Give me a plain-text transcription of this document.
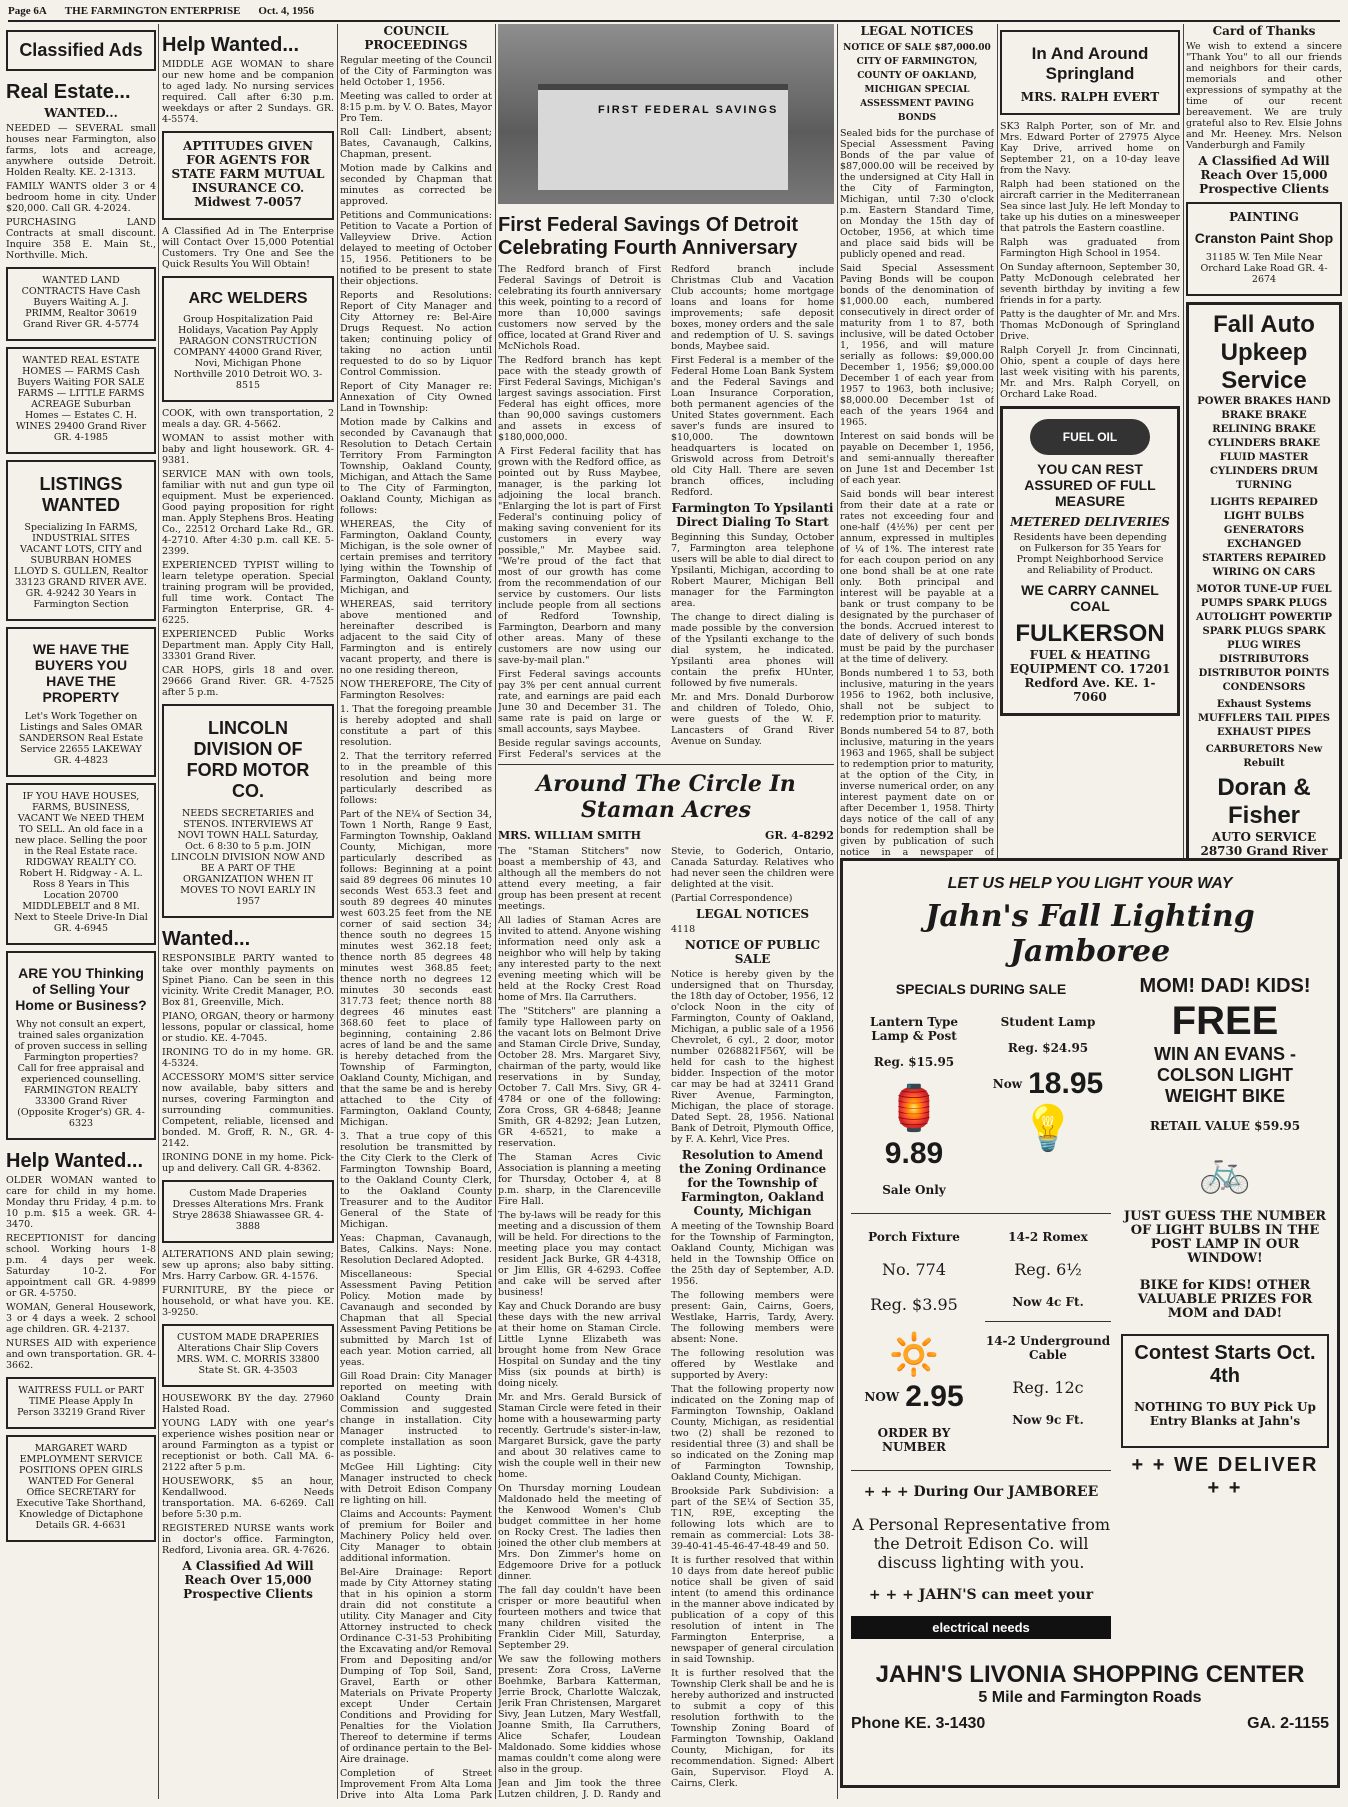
Page 6A THE FARMINGTON ENTERPRISE Oct. 4, 1956
Classified Ads
Real Estate...

WANTED...

NEEDED — SEVERAL small houses near Farmington, also farms, lots and acreage, anywhere outside Detroit. Holden Realty. KE. 2-1313.

FAMILY WANTS older 3 or 4 bedroom home in city. Under $20,000. Call GR. 4-2024.

PURCHASING LAND Contracts at small discount. Inquire 358 E. Main St., Northville. Mich.

WANTED LAND CONTRACTS Have Cash Buyers Waiting A. J. PRIMM, Realtor 30619 Grand River GR. 4-5774

WANTED REAL ESTATE HOMES — FARMS Cash Buyers Waiting FOR SALE FARMS — LITTLE FARMS ACREAGE Suburban Homes — Estates C. H. WINES 29400 Grand River GR. 4-1985

LISTINGS WANTED

Specializing In FARMS, INDUSTRIAL SITES VACANT LOTS, CITY and SUBURBAN HOMES LLOYD S. GULLEN, Realtor 33123 GRAND RIVER AVE. GR. 4-9242 30 Years in Farmington Section

WE HAVE THE BUYERS YOU HAVE THE PROPERTY

Let's Work Together on Listings and Sales OMAR SANDERSON Real Estate Service 22655 LAKEWAY GR. 4-4823

IF YOU HAVE HOUSES, FARMS, BUSINESS, VACANT We NEED THEM TO SELL. An old face in a new place. Selling the poor in the Real Estate race. RIDGWAY REALTY CO. Robert H. Ridgway - A. L. Ross 8 Years in This Location 20700 MIDDLEBELT and 8 MI. Next to Steele Drive-In Dial GR. 4-6945

ARE YOU Thinking of Selling Your Home or Business?

Why not consult an expert, trained sales organization of proven success in selling Farmington properties? Call for free appraisal and experienced counselling. FARMINGTON REALTY 33300 Grand River (Opposite Kroger's) GR. 4-6323

Help Wanted...

OLDER WOMAN wanted to care for child in my home. Monday thru Friday, 4 p.m. to 10 p.m. $15 a week. GR. 4-3470.

RECEPTIONIST for dancing school. Working hours 1-8 p.m. 4 days per week. Saturday 10-2. For appointment call GR. 4-9899 or GR. 4-5750.

WOMAN, General Housework, 3 or 4 days a week. 2 school age children. GR. 4-2137.

NURSES AID with experience and own transportation. GR. 4-3662.

WAITRESS FULL or PART TIME Please Apply In Person 33219 Grand River

MARGARET WARD EMPLOYMENT SERVICE POSITIONS OPEN GIRLS WANTED For General Office SECRETARY for Executive Take Shorthand, Knowledge of Dictaphone Details GR. 4-6631

Help Wanted...

MIDDLE AGE WOMAN to share our new home and be companion to aged lady. No nursing services required. Call after 6:30 p.m. weekdays or after 2 Sundays. GR. 4-5574.

APTITUDES GIVEN FOR AGENTS FOR STATE FARM MUTUAL INSURANCE CO. Midwest 7-0057

A Classified Ad in The Enterprise will Contact Over 15,000 Potential Customers. Try One and See the Quick Results You Will Obtain!

ARC WELDERS

Group Hospitalization Paid Holidays, Vacation Pay Apply PARAGON CONSTRUCTION COMPANY 44000 Grand River, Novi, Michigan Phone Northville 2010 Detroit WO. 3-8515

COOK, with own transportation, 2 meals a day. GR. 4-5662.

WOMAN to assist mother with baby and light housework. GR. 4-9381.

SERVICE MAN with own tools, familiar with nut and gun type oil equipment. Must be experienced. Good paying proposition for right man. Apply Stephens Bros. Heating Co., 22512 Orchard Lake Rd., GR. 4-2710. After 4:30 p.m. call KE. 5-2399.

EXPERIENCED TYPIST willing to learn teletype operation. Special training program will be provided, full time work. Contact The Farmington Enterprise, GR. 4-6225.

EXPERIENCED Public Works Department man. Apply City Hall, 33301 Grand River.

CAR HOPS, girls 18 and over. 29666 Grand River. GR. 4-7525 after 5 p.m.

LINCOLN DIVISION OF FORD MOTOR CO.

NEEDS SECRETARIES and STENOS. INTERVIEWS AT NOVI TOWN HALL Saturday, Oct. 6 8:30 to 5 p.m. JOIN LINCOLN DIVISION NOW AND BE A PART OF THE ORGANIZATION WHEN IT MOVES TO NOVI EARLY IN 1957

Wanted...

RESPONSIBLE PARTY wanted to take over monthly payments on Spinet Piano. Can be seen in this vicinity. Write Credit Manager, P.O. Box 81, Greenville, Mich.

PIANO, ORGAN, theory or harmony lessons, popular or classical, home or studio. KE. 4-7045.

IRONING TO do in my home. GR. 4-5324.

ACCESSORY MOM'S sitter service now available, baby sitters and nurses, covering Farmington and surrounding communities. Competent, reliable, licensed and bonded. M. Groff, R. N., GR. 4-2142.

IRONING DONE in my home. Pick-up and delivery. Call GR. 4-8362.

Custom Made Draperies Dresses Alterations Mrs. Frank Strye 28638 Shiawassee GR. 4-3888

ALTERATIONS AND plain sewing; sew up aprons; also baby sitting. Mrs. Harry Carbow. GR. 4-1576.

FURNITURE, BY the piece or household, or what have you. KE. 3-9250.

CUSTOM MADE DRAPERIES Alterations Chair Slip Covers MRS. WM. C. MORRIS 33800 State St. GR. 4-3503

HOUSEWORK BY the day. 27960 Halsted Road.

YOUNG LADY with one year's experience wishes position near or around Farmington as a typist or receptionist or both. Call MA. 6-2122 after 5 p.m.

HOUSEWORK, $5 an hour, Kendallwood. Needs transportation. MA. 6-6269. Call before 5:30 p.m.

REGISTERED NURSE wants work in doctor's office. Farmington, Redford, Livonia area. GR. 4-7626.

A Classified Ad Will Reach Over 15,000 Prospective Clients

COUNCIL PROCEEDINGS

Regular meeting of the Council of the City of Farmington was held October 1, 1956.

Meeting was called to order at 8:15 p.m. by V. O. Bates, Mayor Pro Tem.

Roll Call: Lindbert, absent; Bates, Cavanaugh, Calkins, Chapman, present.

Motion made by Calkins and seconded by Chapman that minutes as corrected be approved.

Petitions and Communications: Petition to Vacate a Portion of Valleyview Drive. Action delayed to meeting of October 15, 1956. Petitioners to be notified to be present to state their objections.

Reports and Resolutions: Report of City Manager and City Attorney re: Bel-Aire Drugs Request. No action taken; continuing policy of taking no action until requested to do so by Liquor Control Commission.

Report of City Manager re: Annexation of City Owned Land in Township:

Motion made by Calkins and seconded by Cavanaugh that Resolution to Detach Certain Territory From Farmington Township, Oakland County, Michigan, and Attach the Same to The City of Farmington, Oakland County, Michigan as follows:

WHEREAS, the City of Farmington, Oakland County, Michigan, is the sole owner of certain premises and territory lying within the Township of Farmington, Oakland County, Michigan, and

WHEREAS, said territory above mentioned and hereinafter described is adjacent to the said City of Farmington and is entirely vacant property, and there is no one residing thereon,

NOW THEREFORE, The City of Farmington Resolves:

1. That the foregoing preamble is hereby adopted and shall constitute a part of this resolution.

2. That the territory referred to in the preamble of this resolution and being more particularly described as follows:

Part of the NE¼ of Section 34, Town 1 North, Range 9 East, Farmington Township, Oakland County, Michigan, more particularly described as follows: Beginning at a point said 89 degrees 06 minutes 10 seconds West 653.3 feet and south 89 degrees 40 minutes west 603.25 feet from the NE corner of said section 34; thence south no degrees 15 minutes west 362.18 feet; thence north 85 degrees 48 minutes west 368.85 feet; thence north no degrees 12 minutes 30 seconds east 317.73 feet; thence north 88 degrees 46 minutes east 368.60 feet to place of beginning, containing 2.86 acres of land be and the same is hereby detached from the Township of Farmington, Oakland County, Michigan, and that the same be and is hereby attached to the City of Farmington, Oakland County, Michigan.

3. That a true copy of this resolution be transmitted by the City Clerk to the Clerk of Farmington Township Board, to the Oakland County Clerk, to the Oakland County Treasurer and to the Auditor General of the State of Michigan.

Yeas: Chapman, Cavanaugh, Bates, Calkins. Nays: None. Resolution Declared Adopted.

Miscellaneous: Special Assessment Paving Petition Policy. Motion made by Cavanaugh and seconded by Chapman that all Special Assessment Paving Petitions be submitted by March 1st of each year. Motion carried, all yeas.

Gill Road Drain: City Manager reported on meeting with Oakland County Drain Commission and suggested change in installation. City Manager instructed to complete installation as soon as possible.

McGee Hill Lighting: City Manager instructed to check with Detroit Edison Company re lighting on hill.

Claims and Accounts: Payment of premium for Boiler and Machinery Policy held over. City Manager to obtain additional information.

Bel-Aire Drainage: Report made by City Attorney stating that in his opinion a storm drain did not constitute a utility. City Manager and City Attorney instructed to check Ordinance C-31-53 Prohibiting the Excavating and/or Removal From and Depositing and/or Dumping of Top Soil, Sand, Gravel, Earth or other Materials on Private Property except Under Certain Conditions and Providing for Penalties for the Violation Thereof to determine if terms of ordinance pertain to the Bel-Aire drainage.

Completion of Street Improvement From Alta Loma Drive into Alta Loma Park

FIRST FEDERAL SAVINGS
First Federal Savings Of Detroit Celebrating Fourth Anniversary

The Redford branch of First Federal Savings of Detroit is celebrating its fourth anniversary this week, pointing to a record of more than 10,000 savings customers now served by the office, located at Grand River and McNichols Road.

The Redford branch has kept pace with the steady growth of First Federal Savings, Michigan's largest savings association. First Federal has eight offices, more than 90,000 savings customers and assets in excess of $180,000,000.

A First Federal facility that has grown with the Redford office, as pointed out by Russ Maybee, manager, is the parking lot adjoining the local branch. "Enlarging the lot is part of First Federal's continuing policy of making saving convenient for its customers in every way possible," Mr. Maybee said. "We're proud of the fact that most of our growth has come from the recommendation of our service by customers. Our lists include people from all sections of Redford Township, Farmington, Dearborn and many other areas. Many of these customers are now using our save-by-mail plan."

First Federal savings accounts pay 3% per cent annual current rate, and earnings are paid each June 30 and December 31. The same rate is paid on large or small accounts, says Maybee.

Beside regular savings accounts, First Federal's services at the Redford branch include Christmas Club and Vacation Club accounts; home mortgage loans and loans for home improvements; safe deposit boxes, money orders and the sale and redemption of U. S. savings bonds, Maybee said.

First Federal is a member of the Federal Home Loan Bank System and the Federal Savings and Loan Insurance Corporation, both permanent agencies of the United States government. Each saver's funds are insured to $10,000. The downtown headquarters is located on Griswold across from Detroit's old City Hall. There are seven branch offices, including Redford.

Farmington To Ypsilanti Direct Dialing To Start

Beginning this Sunday, October 7, Farmington area telephone users will be able to dial direct to Ypsilanti, Michigan, according to Robert Maurer, Michigan Bell manager for the Farmington area.

The change to direct dialing is made possible by the conversion of the Ypsilanti exchange to the dial system, he indicated. Ypsilanti area phones will contain the prefix HUnter, followed by five numerals.

Mr. and Mrs. Donald Durborow and children of Toledo, Ohio, were guests of the W. F. Lancasters of Grand River Avenue on Sunday.

Around The Circle In Staman Acres
MRS. WILLIAM SMITH	GR. 4-8292

The "Staman Stitchers" now boast a membership of 43, and although all the members do not attend every meeting, a fair group has been present at recent meetings.

All ladies of Staman Acres are invited to attend. Anyone wishing information need only ask a neighbor who will help by taking any interested party to the next evening meeting which will be held at the Rocky Crest Road home of Mrs. Ila Carruthers.

The "Stitchers" are planning a family type Halloween party on the vacant lots on Belmont Drive and Staman Circle Drive, Sunday, October 28. Mrs. Margaret Sivy, chairman of the party, would like reservations in by Sunday, October 7. Call Mrs. Sivy, GR 4-4784 or one of the following: Zora Cross, GR 4-6848; Jeanne Smith, GR 4-8292; Jean Lutzen, GR 4-6521, to make a reservation.

The Staman Acres Civic Association is planning a meeting for Thursday, October 4, at 8 p.m. sharp, in the Clarenceville Fire Hall.

The by-laws will be ready for this meeting and a discussion of them will be held. For directions to the meeting place you may contact resident Jack Burke, GR 4-4318, or Jim Ellis, GR 4-6293. Coffee and cake will be served after business!

Kay and Chuck Dorando are busy these days with the new arrival at their home on Staman Circle. Little Lynne Elizabeth was brought home from New Grace Hospital on Sunday and the tiny Miss (six pounds at birth) is doing nicely.

Mr. and Mrs. Gerald Bursick of Staman Circle were feted in their home with a housewarming party recently. Gertrude's sister-in-law, Margaret Bursick, gave the party and about 30 relatives came to wish the couple well in their new home.

On Thursday morning Loudean Maldonado held the meeting of the Kenwood Women's Club budget committee in her home on Rocky Crest. The ladies then joined the other club members at Mrs. Don Zimmer's home on Edgemoore Drive for a potluck dinner.

The fall day couldn't have been crisper or more beautiful when fourteen mothers and twice that many children visited the Franklin Cider Mill, Saturday, September 29.

We saw the following mothers present: Zora Cross, LaVerne Boehmke, Barbara Katterman, Jerrie Brock, Charlotte Walczak, Jerik Fran Christensen, Margaret Sivy, Jean Lutzen, Mary Westfall, Joanne Smith, Ila Carruthers, Alice Schafer, Loudean Maldonado. Some kiddies whose mamas couldn't come along were also in the group.

Jean and Jim took the three Lutzen children, J. D. Randy and Stevie, to Goderich, Ontario, Canada Saturday. Relatives who had never seen the children were delighted at the visit.

(Partial Correspondence)

LEGAL NOTICES

4118

NOTICE OF PUBLIC SALE

Notice is hereby given by the undersigned that on Thursday, the 18th day of October, 1956, 12 o'clock Noon in the city of Farmington, County of Oakland, Michigan, a public sale of a 1956 Chevrolet, 6 cyl., 2 door, motor number 0268821F56Y, will be held for cash to the highest bidder. Inspection of the motor car may be had at 32411 Grand River Avenue, Farmington, Michigan, the place of storage. Dated Sept. 28, 1956. National Bank of Detroit, Plymouth Office, by F. A. Kehrl, Vice Pres.

Resolution to Amend the Zoning Ordinance for the Township of Farmington, Oakland County, Michigan

A meeting of the Township Board for the Township of Farmington, Oakland County, Michigan was held in the Township Office on the 25th day of September, A.D. 1956.

The following members were present: Gain, Cairns, Goers, Westlake, Harris, Tardy, Avery. The following members were absent: None.

The following resolution was offered by Westlake and supported by Avery:

That the following property now indicated on the Zoning map of Farmington Township, Oakland County, Michigan, as residential two (2) shall be rezoned to residential three (3) and shall be so indicated on the Zoning map of Farmington Township, Oakland County, Michigan.

Brookside Park Subdivision: a part of the SE¼ of Section 35, T1N, R9E, excepting the following lots which are to remain as commercial: Lots 38-39-40-41-45-46-47-48-49 and 50.

It is further resolved that within 10 days from date hereof public notice shall be given of said intent (to amend this ordinance in the manner above indicated by publication of a copy of this resolution of intent in The Farmington Enterprise, a newspaper of general circulation in said Township.

It is further resolved that the Township Clerk shall be and he is hereby authorized and instructed to submit a copy of this resolution forthwith to the Township Zoning Board of Farmington Township, Oakland County, Michigan, for its recommendation. Signed: Albert Gain, Supervisor. Floyd A. Cairns, Clerk.

LEGAL NOTICES

NOTICE OF SALE $87,000.00 CITY OF FARMINGTON, COUNTY OF OAKLAND, MICHIGAN SPECIAL ASSESSMENT PAVING BONDS

Sealed bids for the purchase of Special Assessment Paving Bonds of the par value of $87,000.00 will be received by the undersigned at City Hall in the City of Farmington, Michigan, until 7:30 o'clock p.m. Eastern Standard Time, on Monday the 15th day of October, 1956, at which time and place said bids will be publicly opened and read.

Said Special Assessment Paving Bonds will be coupon bonds of the denomination of $1,000.00 each, numbered consecutively in direct order of maturity from 1 to 87, both inclusive, will be dated October 1, 1956, and will mature serially as follows: $9,000.00 December 1, 1956; $9,000.00 December 1 of each year from 1957 to 1963, both inclusive; $8,000.00 December 1st of each of the years 1964 and 1965.

Interest on said bonds will be payable on December 1, 1956, and semi-annually thereafter on June 1st and December 1st of each year.

Said bonds will bear interest from their date at a rate or rates not exceeding four and one-half (4½%) per cent per annum, expressed in multiples of ¼ of 1%. The interest rate for each coupon period on any one bond shall be at one rate only. Both principal and interest will be payable at a bank or trust company to be designated by the purchaser of the bonds. Accrued interest to date of delivery of such bonds must be paid by the purchaser at the time of delivery.

Bonds numbered 1 to 53, both inclusive, maturing in the years 1956 to 1962, both inclusive, shall not be subject to redemption prior to maturity.

Bonds numbered 54 to 87, both inclusive, maturing in the years 1963 and 1965, shall be subject to redemption prior to maturity, at the option of the City, in inverse numerical order, on any interest payment date on or after December 1, 1958. Thirty days notice of the call of any bonds for redemption shall be given by publication of such notice in a newspaper of

In And Around Springland

MRS. RALPH EVERT

SK3 Ralph Porter, son of Mr. and Mrs. Edward Porter of 27975 Alyce Kay Drive, arrived home on September 21, on a 10-day leave from the Navy.

Ralph had been stationed on the aircraft carrier in the Mediterranean Sea since last July. He left Monday to take up his duties on a minesweeper that patrols the Eastern coastline.

Ralph was graduated from Farmington High School in 1954.

On Sunday afternoon, September 30, Patty McDonough celebrated her seventh birthday by inviting a few friends in for a party.

Patty is the daughter of Mr. and Mrs. Thomas McDonough of Springland Drive.

Ralph Coryell Jr. from Cincinnati, Ohio, spent a couple of days here last week visiting with his parents, Mr. and Mrs. Ralph Coryell, on Orchard Lake Road.

FUEL OIL
YOU CAN REST ASSURED OF FULL MEASURE

METERED DELIVERIES

Residents have been depending on Fulkerson for 35 Years for Prompt Neighborhood Service and Reliability of Product.

WE CARRY CANNEL COAL
FULKERSON

FUEL & HEATING EQUIPMENT CO. 17201 Redford Ave. KE. 1-7060

Card of Thanks

We wish to extend a sincere "Thank You" to all our friends and neighbors for their cards, memorials and other expressions of sympathy at the time of our recent bereavement. We are truly grateful also to Rev. Elsie Johns and Mr. Heeney. Mrs. Nelson Vanderburgh and Family

A Classified Ad Will Reach Over 15,000 Prospective Clients

PAINTING

Cranston Paint Shop

31185 W. Ten Mile Near Orchard Lake Road GR. 4-2674

Fall Auto Upkeep Service

POWER BRAKES HAND BRAKE BRAKE RELINING BRAKE CYLINDERS BRAKE FLUID MASTER CYLINDERS DRUM TURNING

LIGHTS REPAIRED LIGHT BULBS GENERATORS EXCHANGED STARTERS REPAIRED WIRING ON CARS

MOTOR TUNE-UP FUEL PUMPS SPARK PLUGS AUTOLIGHT POWERTIP SPARK PLUGS SPARK PLUG WIRES DISTRIBUTORS DISTRIBUTOR POINTS CONDENSORS

Exhaust Systems MUFFLERS TAIL PIPES EXHAUST PIPES

CARBURETORS New Rebuilt

Doran & Fisher

AUTO SERVICE 28730 Grand River

LET US HELP YOU LIGHT YOUR WAY
Jahn's Fall Lighting Jamboree
SPECIALS DURING SALE

Lantern Type Lamp & Post

Reg. $15.95

🏮
9.89

Sale Only

Student Lamp

Reg. $24.95

Now 18.95
💡

Porch Fixture

No. 774

Reg. $3.95

🔆
NOW 2.95

ORDER BY NUMBER

14-2 Romex

Reg. 6½

Now 4c Ft.

14-2 Underground Cable

Reg. 12c

Now 9c Ft.

+ + + During Our JAMBOREE

A Personal Representative from the Detroit Edison Co. will discuss lighting with you.

+ + + JAHN'S can meet your

electrical needs
MOM! DAD! KIDS!
FREE
WIN AN EVANS - COLSON LIGHT WEIGHT BIKE

RETAIL VALUE $59.95

🚲

JUST GUESS THE NUMBER OF LIGHT BULBS IN THE POST LAMP IN OUR WINDOW!

BIKE for KIDS! OTHER VALUABLE PRIZES FOR MOM and DAD!

Contest Starts Oct. 4th

NOTHING TO BUY Pick Up Entry Blanks at Jahn's

+ + WE DELIVER + +
JAHN'S LIVONIA SHOPPING CENTER
5 Mile and Farmington Roads
Phone KE. 3-1430	GA. 2-1155
